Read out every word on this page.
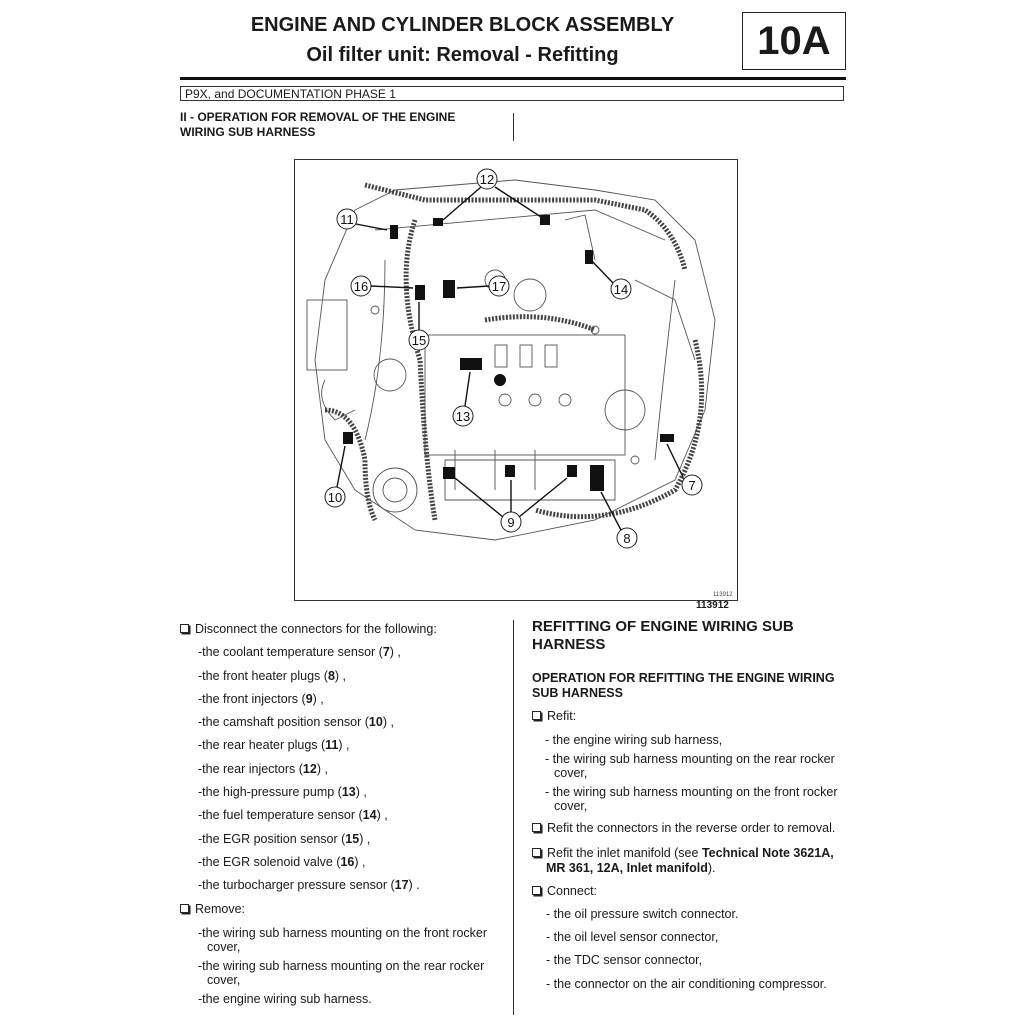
ENGINE AND CYLINDER BLOCK ASSEMBLY
Oil filter unit: Removal - Refitting	10A
P9X, and DOCUMENTATION PHASE 1
II - OPERATION FOR REMOVAL OF THE ENGINE
WIRING SUB HARNESS
12
11
16	17	14
15
13
10
7
9
8
113912
113912
Disconnect the connectors for the following:
-the coolant temperature sensor (7) ,
-the front heater plugs (8) ,
-the front injectors (9) ,
-the camshaft position sensor (10) ,
-the rear heater plugs (11) ,
-the rear injectors (12) ,
-the high-pressure pump (13) ,
-the fuel temperature sensor (14) ,
-the EGR position sensor (15) ,
-the EGR solenoid valve (16) ,
-the turbocharger pressure sensor (17) .
Remove:
-the wiring sub harness mounting on the front rocker cover,
-the wiring sub harness mounting on the rear rocker cover,
-the engine wiring sub harness.
REFITTING OF ENGINE WIRING SUB HARNESS
OPERATION FOR REFITTING THE ENGINE WIRING SUB HARNESS
Refit:
- the engine wiring sub harness,
- the wiring sub harness mounting on the rear rocker cover,
- the wiring sub harness mounting on the front rocker cover,
Refit the connectors in the reverse order to removal.
Refit the inlet manifold (see Technical Note 3621A, MR 361, 12A, Inlet manifold).
Connect:
- the oil pressure switch connector.
- the oil level sensor connector,
- the TDC sensor connector,
- the connector on the air conditioning compressor.
